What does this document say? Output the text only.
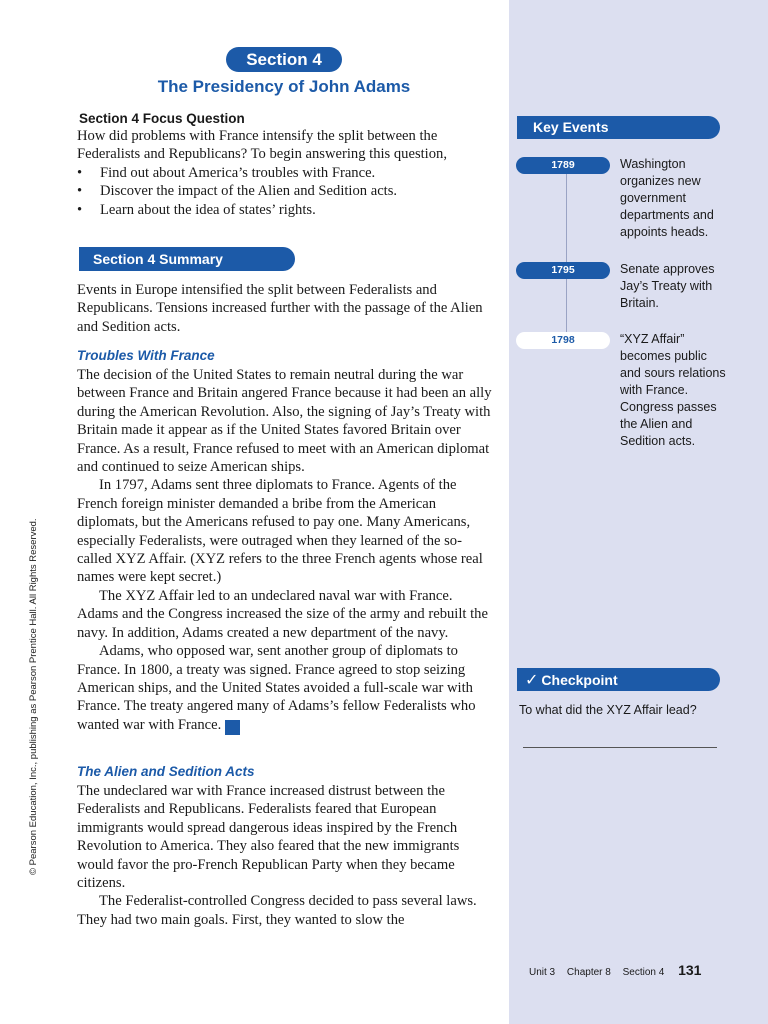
Section 4
The Presidency of John Adams
Section 4 Focus Question

How did problems with France intensify the split between the Federalists and Republicans? To begin answering this question,

• Find out about America’s troubles with France.
• Discover the impact of the Alien and Sedition acts.
• Learn about the idea of states’ rights.
Section 4 Summary

Events in Europe intensified the split between Federalists and Republicans. Tensions increased further with the passage of the Alien and Sedition acts.

Troubles With France

The decision of the United States to remain neutral during the war between France and Britain angered France because it had been an ally during the American Revolution. Also, the signing of Jay’s Treaty with Britain made it appear as if the United States favored Britain over France. As a result, France refused to meet with an American diplomat and continued to seize American ships.

In 1797, Adams sent three diplomats to France. Agents of the French foreign minister demanded a bribe from the American diplomats, but the Americans refused to pay one. Many Americans, especially Federalists, were outraged when they learned of the so-called XYZ Affair. (XYZ refers to the three French agents whose real names were kept secret.)

The XYZ Affair led to an undeclared naval war with France. Adams and the Congress increased the size of the army and rebuilt the navy. In addition, Adams created a new department of the navy.

Adams, who opposed war, sent another group of diplomats to France. In 1800, a treaty was signed. France agreed to stop seizing American ships, and the United States avoided a full-scale war with France. The treaty angered many of Adams’s fellow Federalists who wanted war with France. ✓

The Alien and Sedition Acts

The undeclared war with France increased distrust between the Federalists and Republicans. Federalists feared that European immigrants would spread dangerous ideas inspired by the French Revolution to America. They also feared that the new immigrants would favor the pro-French Republican Party when they became citizens.

The Federalist-controlled Congress decided to pass several laws. They had two main goals. First, they wanted to slow the

Key Events
1789	Washington organizes new government departments and appoints heads.
1795	Senate approves Jay’s Treaty with Britain.
1798	“XYZ Affair” becomes public and sours relations with France. Congress passes the Alien and Sedition acts.
✓ Checkpoint
To what did the XYZ Affair lead?
© Pearson Education, Inc., publishing as Pearson Prentice Hall. All Rights Reserved.
Unit 3 Chapter 8 Section 4 131
